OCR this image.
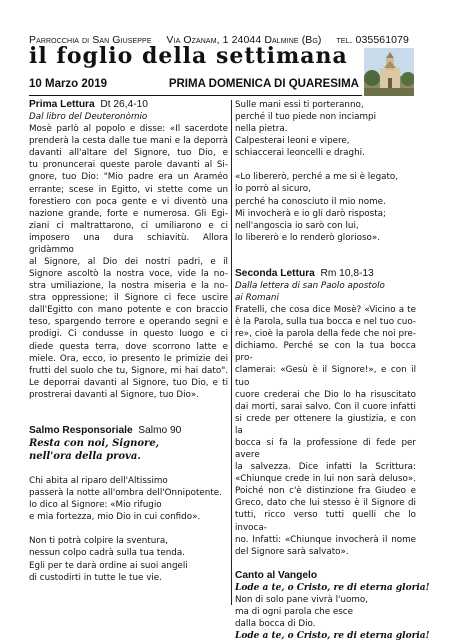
Parrocchia di San Giuseppe Via Ozanam, 1 24044 Dalmine (Bg) tel. 035561079
il foglio della settimana
10 Marzo 2019	PRIMA DOMENICA DI QUARESIMA
Prima Lettura Dt 26,4-10
Dal libro del Deuteronòmio
Mosè parlò al popolo e disse: «Il sacerdote
prenderà la cesta dalle tue mani e la deporrà
davanti all'altare del Signore, tuo Dio, e
tu pronuncerai queste parole davanti al Si-
gnore, tuo Dio: "Mio padre era un Araméo
errante; scese in Egitto, vi stette come un
forestiero con poca gente e vi diventò una
nazione grande, forte e numerosa. Gli Egi-
ziani ci maltrattarono, ci umiliarono e ci
imposero una dura schiavitù. Allora gridàmmo
al Signore, al Dio dei nostri padri, e il
Signore ascoltò la nostra voce, vide la no-
stra umiliazione, la nostra miseria e la no-
stra oppressione; il Signore ci fece uscire
dall'Egitto con mano potente e con braccio
teso, spargendo terrore e operando segni e
prodigi. Ci condusse in questo luogo e ci
diede questa terra, dove scorrono latte e
miele. Ora, ecco, io presento le primizie dei
frutti del suolo che tu, Signore, mi hai dato".
Le deporrai davanti al Signore, tuo Dio, e ti
prostrerai davanti al Signore, tuo Dio».
Salmo Responsoriale Salmo 90
Resta con noi, Signore,
nell'ora della prova.
Chi abita al riparo dell'Altissimo
passerà la notte all'ombra dell'Onnipotente.
Io dico al Signore: «Mio rifugio
e mia fortezza, mio Dio in cui confido».
Non ti potrà colpire la sventura,
nessun colpo cadrà sulla tua tenda.
Egli per te darà ordine ai suoi angeli
di custodirti in tutte le tue vie.
Sulle mani essi ti porteranno,
perché il tuo piede non inciampi
nella pietra.
Calpesterai leoni e vipere,
schiaccerai leoncelli e draghi.
«Lo libererò, perché a me si è legato,
lo porrò al sicuro,
perché ha conosciuto il mio nome.
Mi invocherà e io gli darò risposta;
nell'angoscia io sarò con lui,
lo libererò e lo renderò glorioso».
Seconda Lettura Rm 10,8-13
Dalla lettera di san Paolo apostolo
ai Romani
Fratelli, che cosa dice Mosè? «Vicino a te
è la Parola, sulla tua bocca e nel tuo cuo-
re», cioè la parola della fede che noi pre-
dichiamo. Perché se con la tua bocca pro-
clamerai: «Gesù è il Signore!», e con il tuo
cuore crederai che Dio lo ha risuscitato
dai morti, sarai salvo. Con il cuore infatti
si crede per ottenere la giustizia, e con la
bocca si fa la professione di fede per avere
la salvezza. Dice infatti la Scrittura:
«Chiunque crede in lui non sarà deluso».
Poiché non c'è distinzione fra Giudeo e
Greco, dato che lui stesso è il Signore di
tutti, ricco verso tutti quelli che lo invoca-
no. Infatti: «Chiunque invocherà il nome
del Signore sarà salvato».
Canto al Vangelo
Lode a te, o Cristo, re di eterna gloria!
Non di solo pane vivrà l'uomo,
ma di ogni parola che esce
dalla bocca di Dio.
Lode a te, o Cristo, re di eterna gloria!
